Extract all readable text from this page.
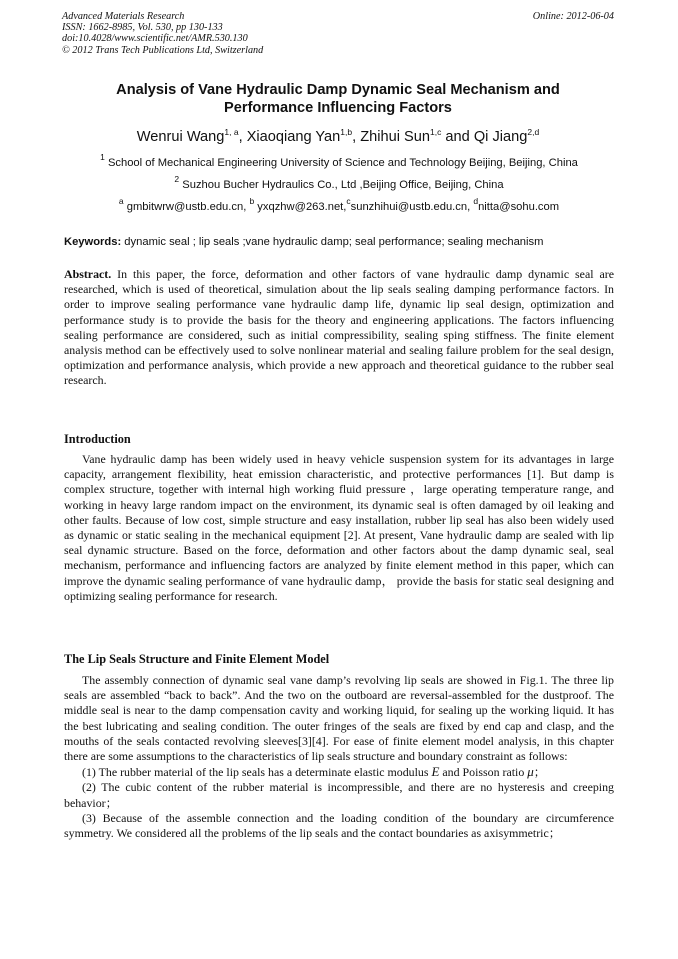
Advanced Materials Research
ISSN: 1662-8985, Vol. 530, pp 130-133
doi:10.4028/www.scientific.net/AMR.530.130
© 2012 Trans Tech Publications Ltd, Switzerland
Online: 2012-06-04
Analysis of Vane Hydraulic Damp Dynamic Seal Mechanism and
Performance Influencing Factors
Wenrui Wang$^{1, a}$, Xiaoqiang Yan$^{1,b}$, Zhihui Sun$^{1,c}$ and Qi Jiang$^{2,d}$
$^1$ School of Mechanical Engineering University of Science and Technology Beijing, Beijing, China
$^2$ Suzhou Bucher Hydraulics Co., Ltd ,Beijing Office, Beijing, China
$^a$ gmbitwrw@ustb.edu.cn, $^b$ yxqzhw@263.net,$^c$sunzhihui@ustb.edu.cn, $^d$nitta@sohu.com
Keywords: dynamic seal ; lip seals ;vane hydraulic damp; seal performance; sealing mechanism
Abstract. In this paper, the force, deformation and other factors of vane hydraulic damp dynamic seal are researched, which is used of theoretical, simulation about the lip seals sealing damping performance factors. In order to improve sealing performance vane hydraulic damp life, dynamic lip seal design, optimization and performance study is to provide the basis for the theory and engineering applications. The factors influencing sealing performance are considered, such as initial compressibility, sealing sping stiffness. The finite element analysis method can be effectively used to solve nonlinear material and sealing failure problem for the seal design, optimization and performance analysis, which provide a new approach and theoretical guidance to the rubber seal research.
Introduction
Vane hydraulic damp has been widely used in heavy vehicle suspension system for its advantages in large capacity, arrangement flexibility, heat emission characteristic, and protective performances [1]. But damp is complex structure, together with internal high working fluid pressure ，large operating temperature range, and working in heavy large random impact on the environment, its dynamic seal is often damaged by oil leaking and other faults. Because of low cost, simple structure and easy installation, rubber lip seal has also been widely used as dynamic or static sealing in the mechanical equipment [2]. At present, Vane hydraulic damp are sealed with lip seal dynamic structure. Based on the force, deformation and other factors about the damp dynamic seal, seal mechanism, performance and influencing factors are analyzed by finite element method in this paper, which can improve the dynamic sealing performance of vane hydraulic damp， provide the basis for static seal designing and optimizing sealing performance for research.
The Lip Seals Structure and Finite Element Model
The assembly connection of dynamic seal vane damp’s revolving lip seals are showed in Fig.1. The three lip seals are assembled “back to back”. And the two on the outboard are reversal-assembled for the dustproof. The middle seal is near to the damp compensation cavity and working liquid, for sealing up the working liquid. It has the best lubricating and sealing condition. The outer fringes of the seals are fixed by end cap and clasp, and the mouths of the seals contacted revolving sleeves[3][4]. For ease of finite element model analysis, in this chapter there are some assumptions to the characteristics of lip seals structure and boundary constraint as follows:

(1) The rubber material of the lip seals has a determinate elastic modulus E and Poisson ratio μ；

(2) The cubic content of the rubber material is incompressible, and there are no hysteresis and creeping behavior；

(3) Because of the assemble connection and the loading condition of the boundary are circumference symmetry. We considered all the problems of the lip seals and the contact boundaries as axisymmetric；
